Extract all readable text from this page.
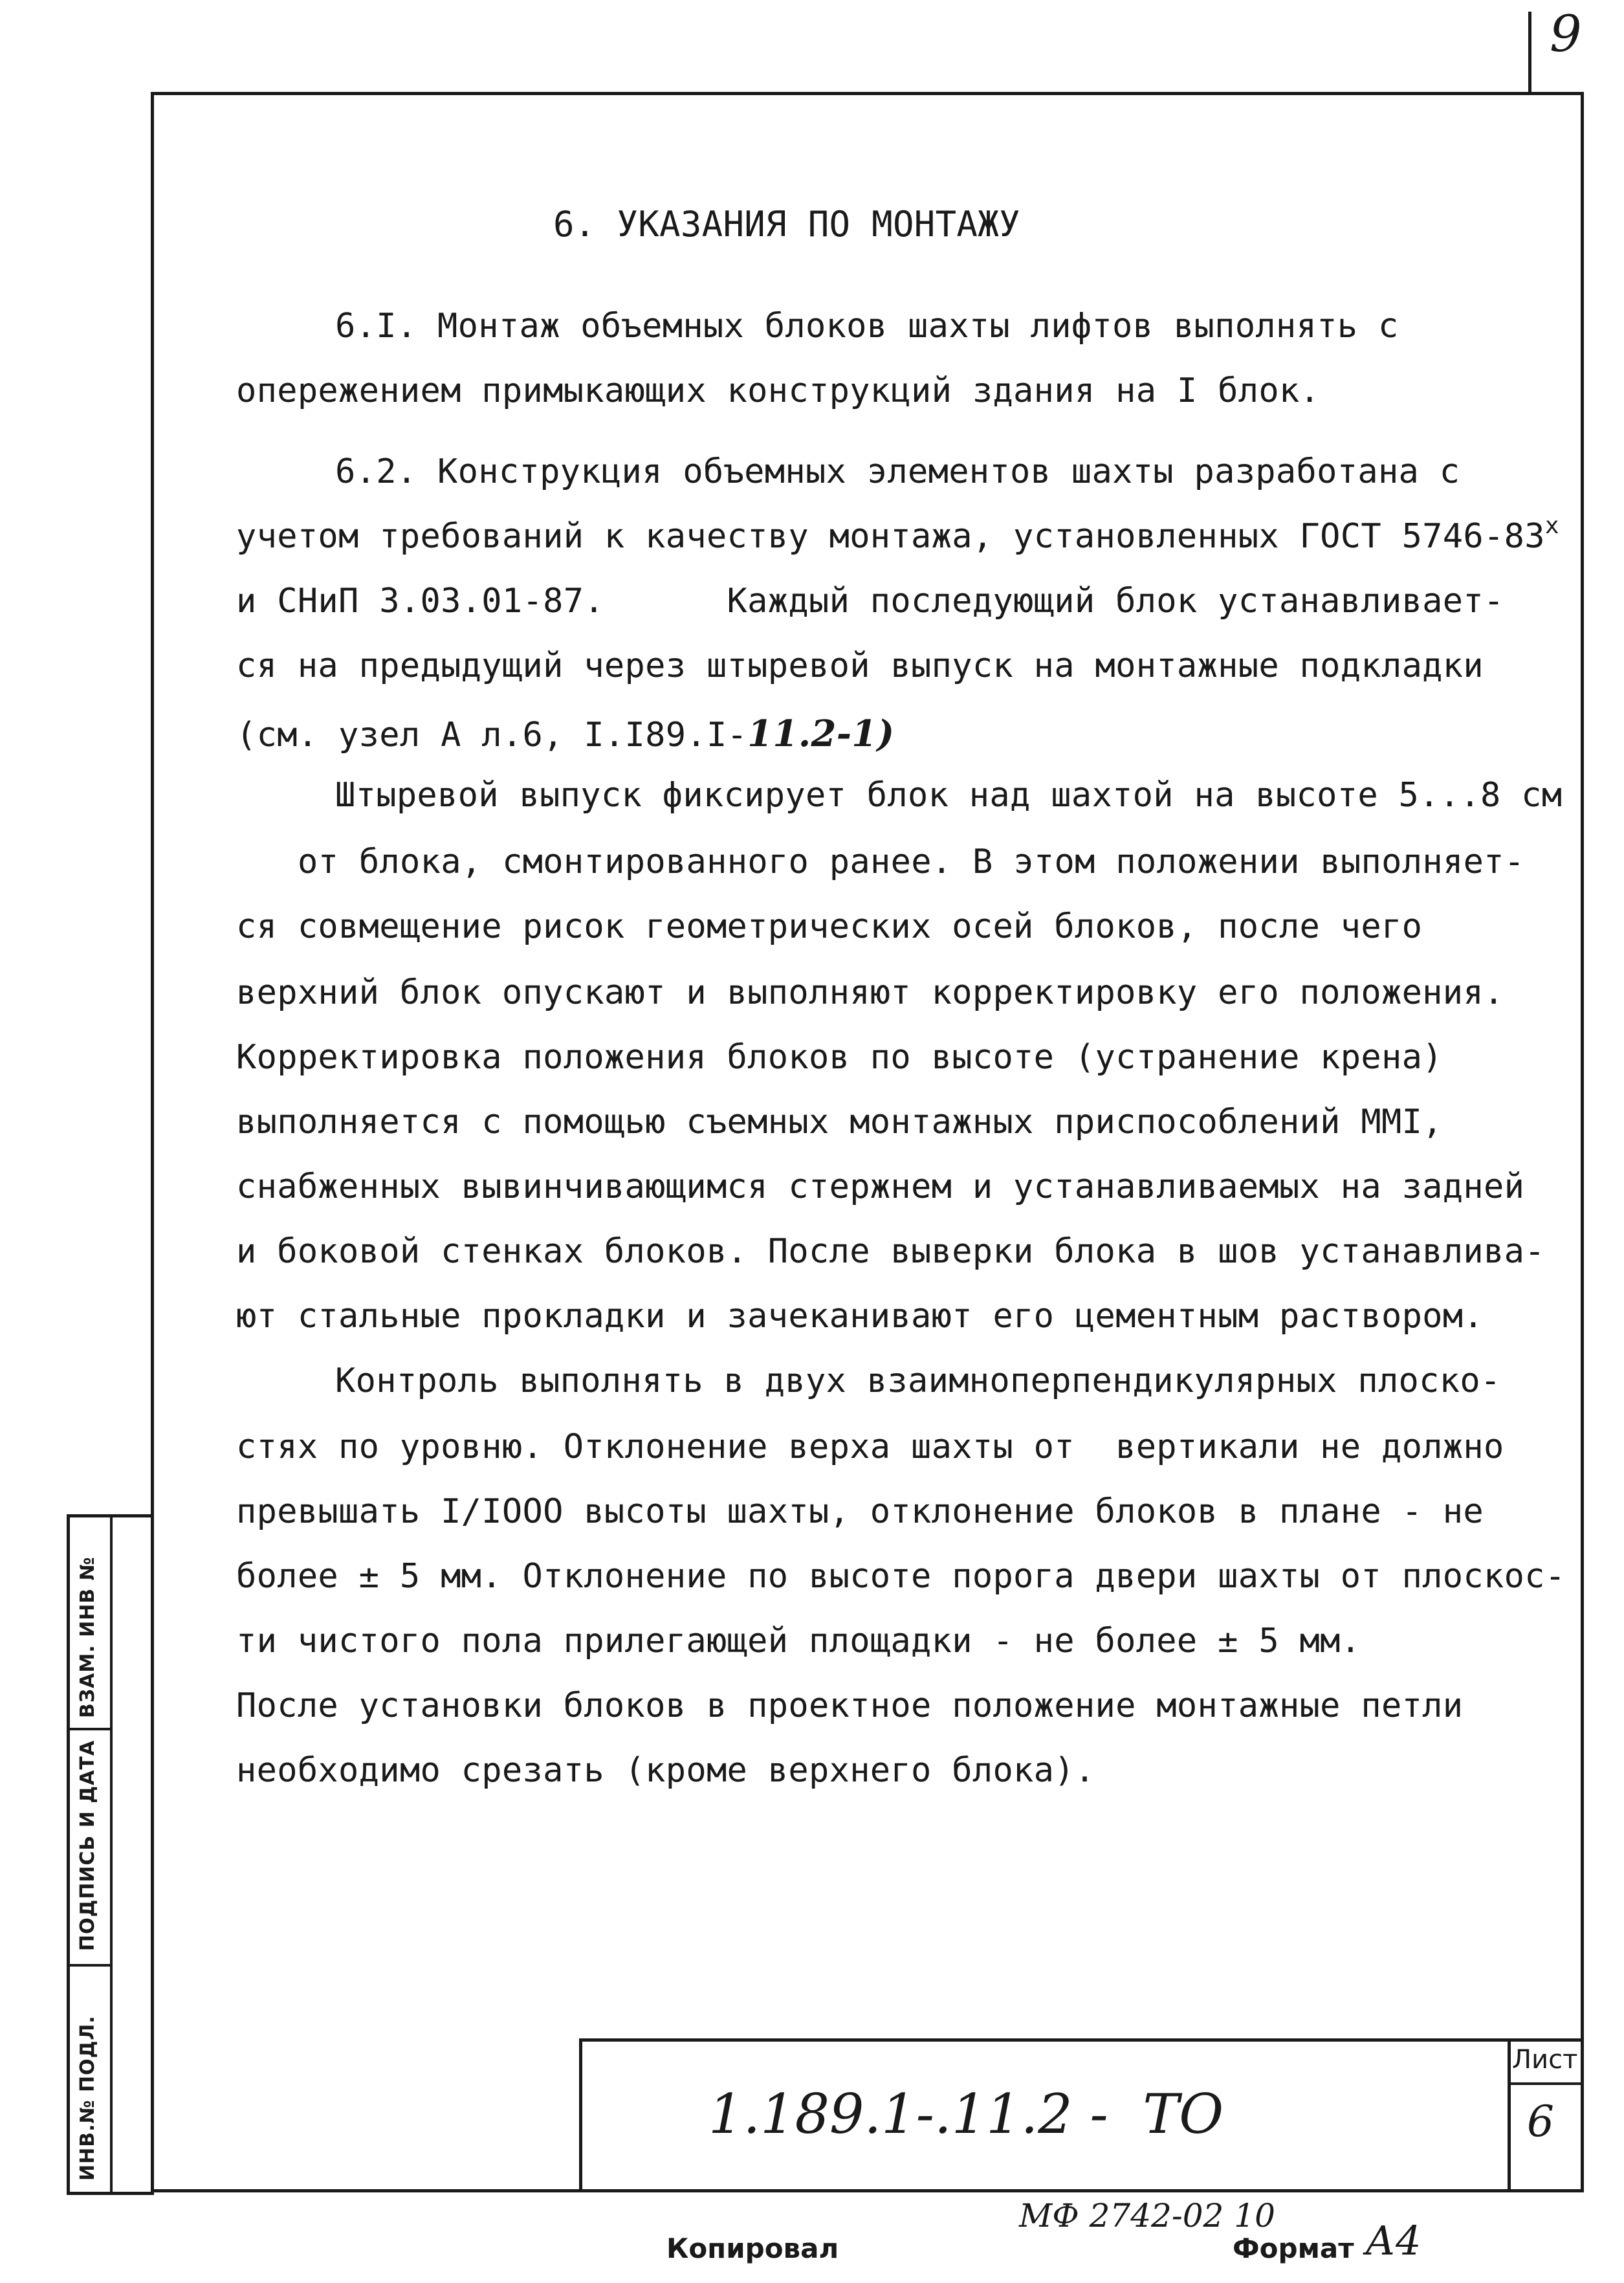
9
6. УКАЗАНИЯ ПО МОНТАЖУ
6.I. Монтаж объемных блоков шахты лифтов выполнять с
опережением примыкающих конструкций здания на I блок.
6.2. Конструкция объемных элементов шахты разработана с
учетом требований к качеству монтажа, установленных ГОСТ $5746-83^х$
и СНиП 3.03.01-87.      Каждый последующий блок устанавливает-
ся на предыдущий через штыревой выпуск на монтажные подкладки
(см. узел А л.6, I.I89.I-11.2-1)
Штыревой выпуск фиксирует блок над шахтой на высоте 5...8 см
от блока, смонтированного ранее. В этом положении выполняет-
ся совмещение рисок геометрических осей блоков, после чего
верхний блок опускают и выполняют корректировку его положения.
Корректировка положения блоков по высоте (устранение крена)
выполняется с помощью съемных монтажных приспособлений ММI,
снабженных вывинчивающимся стержнем и устанавливаемых на задней
и боковой стенках блоков. После выверки блока в шов устанавлива-
ют стальные прокладки и зачеканивают его цементным раствором.
Контроль выполнять в двух взаимноперпендикулярных плоско-
стях по уровню. Отклонение верха шахты от  вертикали не должно
превышать I/IOOO высоты шахты, отклонение блоков в плане - не
более ± 5 мм. Отклонение по высоте порога двери шахты от плоскос-
ти чистого пола прилегающей площадки - не более ± 5 мм.
После установки блоков в проектное положение монтажные петли
необходимо срезать (кроме верхнего блока).
ВЗАМ. ИНВ №
ПОДПИСЬ И ДАТА
ИНВ.№ ПОДЛ.	1.189.1-.11.2 -  ТО
Лист
6
МФ 2742-02 10
Копировал	Формат А4
